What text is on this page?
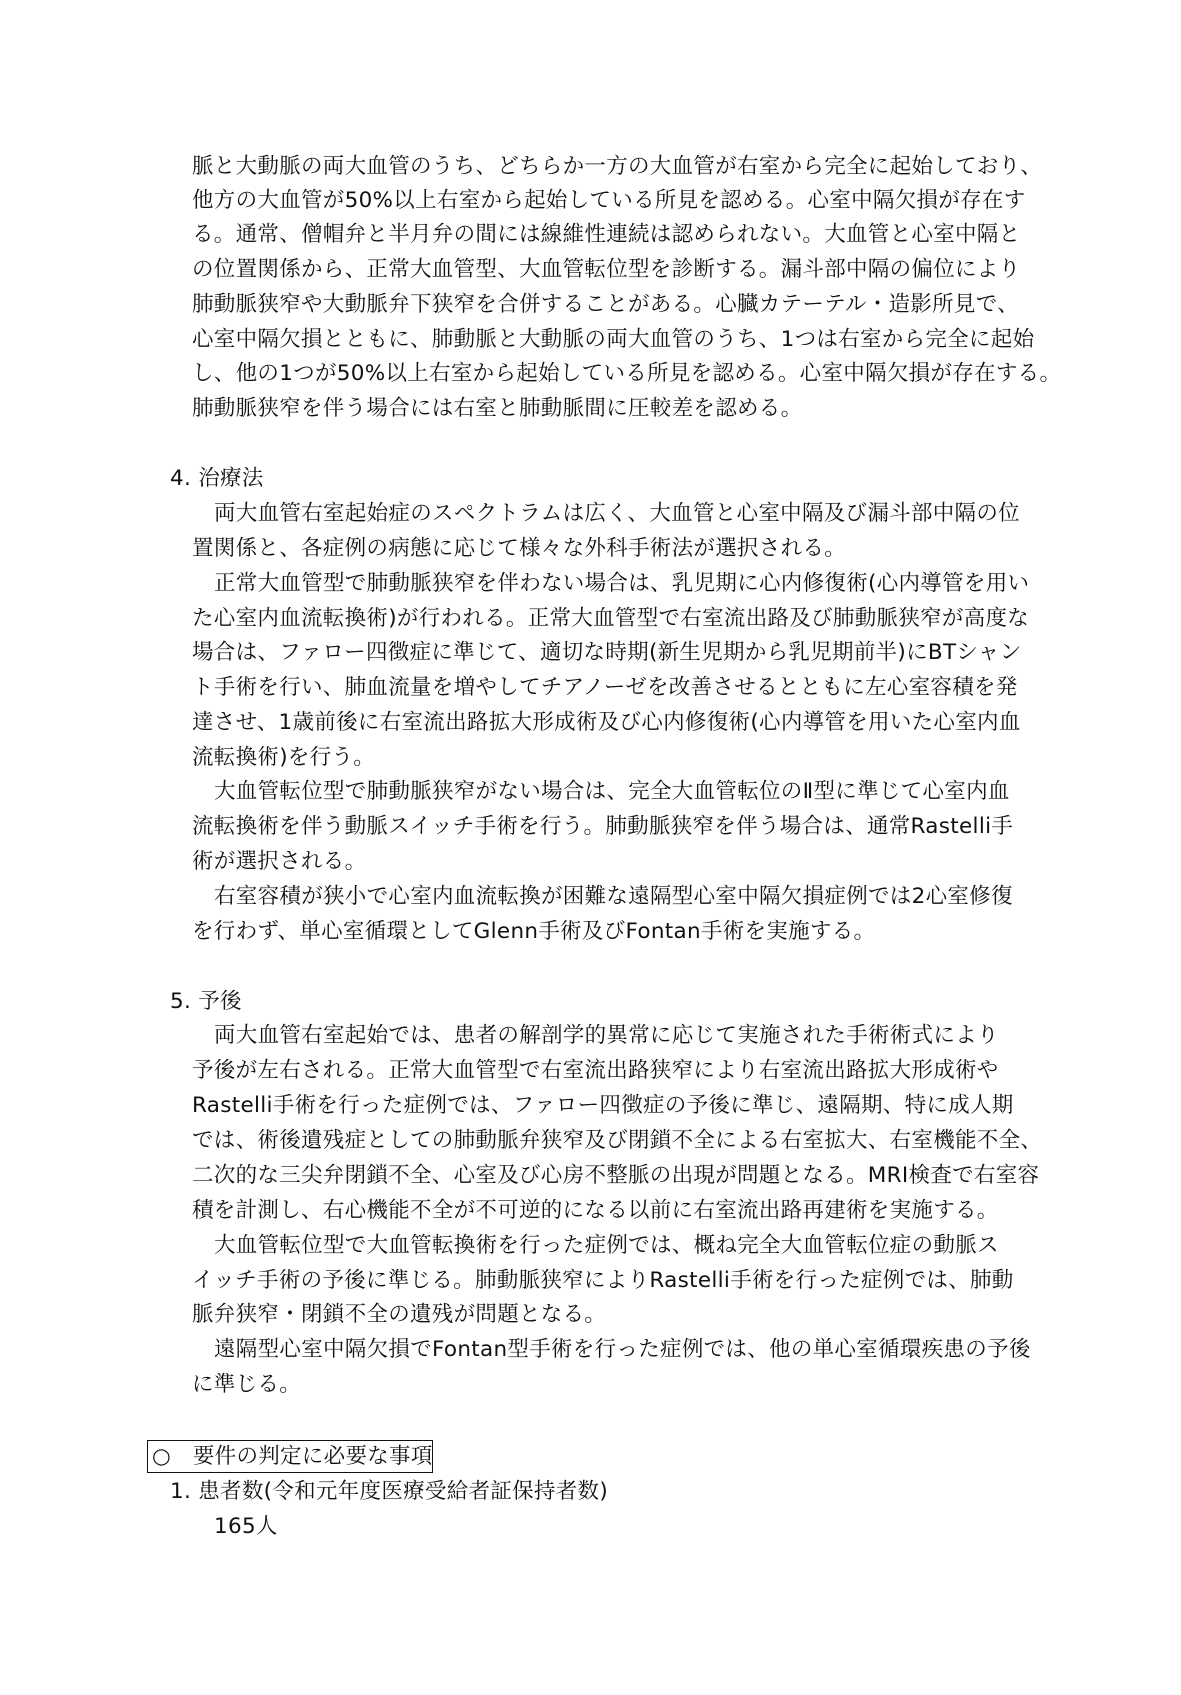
脈と大動脈の両大血管のうち、どちらか一方の大血管が右室から完全に起始しており、
他方の大血管が50%以上右室から起始している所見を認める。心室中隔欠損が存在す
る。通常、僧帽弁と半月弁の間には線維性連続は認められない。大血管と心室中隔と
の位置関係から、正常大血管型、大血管転位型を診断する。漏斗部中隔の偏位により
肺動脈狭窄や大動脈弁下狭窄を合併することがある。心臓カテーテル・造影所見で、
心室中隔欠損とともに、肺動脈と大動脈の両大血管のうち、1つは右室から完全に起始
し、他の1つが50%以上右室から起始している所見を認める。心室中隔欠損が存在する。
肺動脈狭窄を伴う場合には右室と肺動脈間に圧較差を認める。
4. 治療法
両大血管右室起始症のスペクトラムは広く、大血管と心室中隔及び漏斗部中隔の位
置関係と、各症例の病態に応じて様々な外科手術法が選択される。
正常大血管型で肺動脈狭窄を伴わない場合は、乳児期に心内修復術(心内導管を用い
た心室内血流転換術)が行われる。正常大血管型で右室流出路及び肺動脈狭窄が高度な
場合は、ファロー四徴症に準じて、適切な時期(新生児期から乳児期前半)にBTシャン
ト手術を行い、肺血流量を増やしてチアノーゼを改善させるとともに左心室容積を発
達させ、1歳前後に右室流出路拡大形成術及び心内修復術(心内導管を用いた心室内血
流転換術)を行う。
大血管転位型で肺動脈狭窄がない場合は、完全大血管転位のⅡ型に準じて心室内血
流転換術を伴う動脈スイッチ手術を行う。肺動脈狭窄を伴う場合は、通常Rastelli手
術が選択される。
右室容積が狭小で心室内血流転換が困難な遠隔型心室中隔欠損症例では2心室修復
を行わず、単心室循環としてGlenn手術及びFontan手術を実施する。
5. 予後
両大血管右室起始では、患者の解剖学的異常に応じて実施された手術術式により
予後が左右される。正常大血管型で右室流出路狭窄により右室流出路拡大形成術や
Rastelli手術を行った症例では、ファロー四徴症の予後に準じ、遠隔期、特に成人期
では、術後遺残症としての肺動脈弁狭窄及び閉鎖不全による右室拡大、右室機能不全、
二次的な三尖弁閉鎖不全、心室及び心房不整脈の出現が問題となる。MRI検査で右室容
積を計測し、右心機能不全が不可逆的になる以前に右室流出路再建術を実施する。
大血管転位型で大血管転換術を行った症例では、概ね完全大血管転位症の動脈ス
イッチ手術の予後に準じる。肺動脈狭窄によりRastelli手術を行った症例では、肺動
脈弁狭窄・閉鎖不全の遺残が問題となる。
遠隔型心室中隔欠損でFontan型手術を行った症例では、他の単心室循環疾患の予後
に準じる。
○　要件の判定に必要な事項
1. 患者数(令和元年度医療受給者証保持者数)
165人
